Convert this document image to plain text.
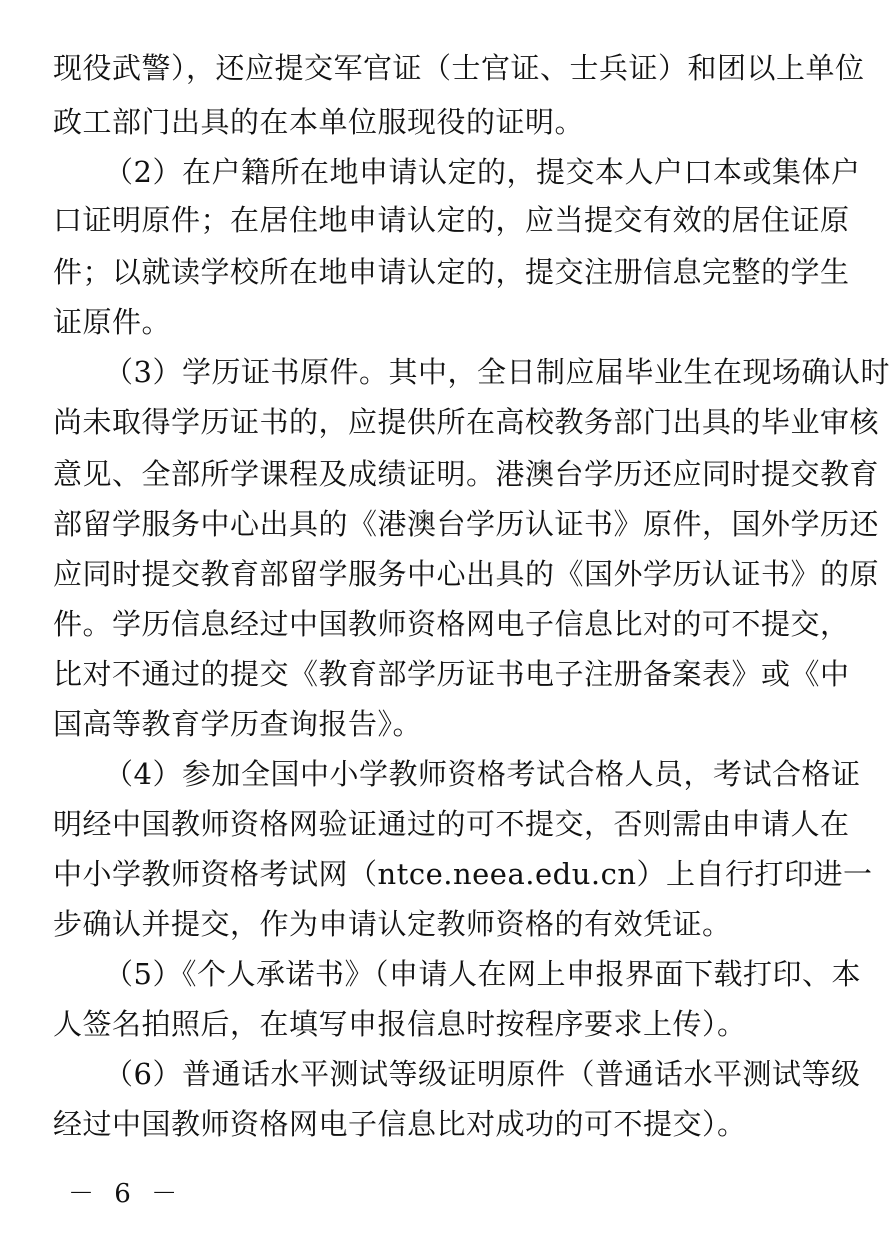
现役武警），还应提交军官证（士官证、士兵证）和团以上单位
政工部门出具的在本单位服现役的证明。
（2）在户籍所在地申请认定的，提交本人户口本或集体户
口证明原件；在居住地申请认定的，应当提交有效的居住证原
件；以就读学校所在地申请认定的，提交注册信息完整的学生
证原件。
（3）学历证书原件。其中，全日制应届毕业生在现场确认时
尚未取得学历证书的，应提供所在高校教务部门出具的毕业审核
意见、全部所学课程及成绩证明。港澳台学历还应同时提交教育
部留学服务中心出具的《港澳台学历认证书》原件，国外学历还
应同时提交教育部留学服务中心出具的《国外学历认证书》的原
件。学历信息经过中国教师资格网电子信息比对的可不提交，
比对不通过的提交《教育部学历证书电子注册备案表》或《中
国高等教育学历查询报告》。
（4）参加全国中小学教师资格考试合格人员，考试合格证
明经中国教师资格网验证通过的可不提交，否则需由申请人在
中小学教师资格考试网（ntce.neea.edu.cn）上自行打印进一
步确认并提交，作为申请认定教师资格的有效凭证。
（5）《个人承诺书》（申请人在网上申报界面下载打印、本
人签名拍照后，在填写申报信息时按程序要求上传）。
（6）普通话水平测试等级证明原件（普通话水平测试等级
经过中国教师资格网电子信息比对成功的可不提交）。
－ 6 －
